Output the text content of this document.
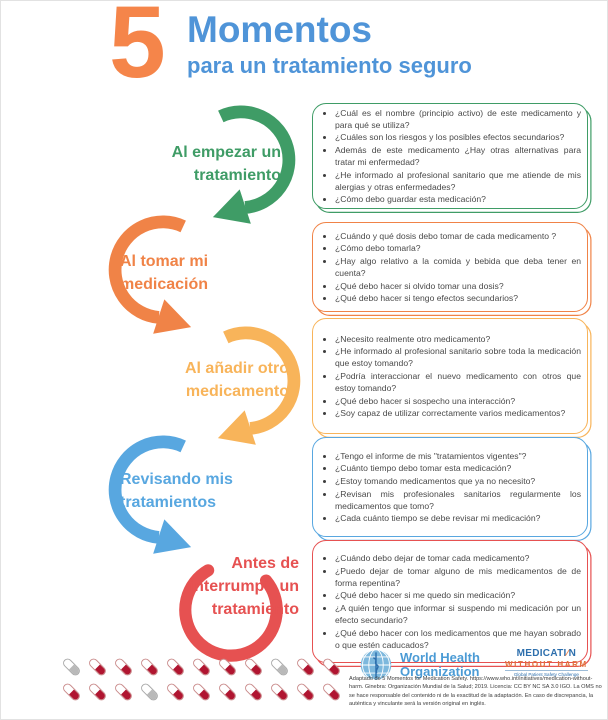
5 Momentos
para un tratamiento seguro
Al empezar un tratamiento
• ¿Cuál es el nombre (principio activo) de este medicamento y para qué se utiliza?
• ¿Cuáles son los riesgos y los posibles efectos secundarios?
• Además de este medicamento ¿Hay otras alternativas para tratar mi enfermedad?
• ¿He informado al profesional sanitario que me atiende de mis alergias y otras enfermedades?
• ¿Cómo debo guardar esta medicación?
Al tomar mi medicación
• ¿Cuándo y qué dosis debo tomar de cada medicamento ?
• ¿Cómo debo tomarla?
• ¿Hay algo relativo a la comida y bebida que deba tener en cuenta?
• ¿Qué debo hacer si olvido tomar una dosis?
• ¿Qué debo hacer si tengo efectos secundarios?
Al añadir otro medicamento
• ¿Necesito realmente otro medicamento?
• ¿He informado al profesional sanitario sobre toda la medicación que estoy tomando?
• ¿Podría interaccionar el nuevo medicamento con otros que estoy tomando?
• ¿Qué debo hacer si sospecho una interacción?
• ¿Soy capaz de utilizar correctamente varios medicamentos?
Revisando mis tratamientos
• ¿Tengo el informe de mis "tratamientos vigentes"?
• ¿Cuánto tiempo debo tomar esta medicación?
• ¿Estoy tomando medicamentos que ya no necesito?
• ¿Revisan mis profesionales sanitarios regularmente los medicamentos que tomo?
• ¿Cada cuánto tiempo se debe revisar mi medicación?
Antes de interrumpir un tratamiento
• ¿Cuándo debo dejar de tomar cada medicamento?
• ¿Puedo dejar de tomar alguno de mis medicamentos de de forma repentina?
• ¿Qué debo hacer si me quedo sin medicación?
• ¿A quién tengo que informar si suspendo mi medicación por un efecto secundario?
• ¿Qué debo hacer con los medicamentos que me hayan sobrado o que estén caducados?
World Health
Organization
MEDICATI∕N
WITHOUT HARM
Global Patient Safety Challenge
Adaptado de 5 Momentos for Medication Safety. https://www.who.int/initiatives/medication-without-harm. Ginebra: Organización Mundial de la Salud; 2019. Licencia: CC BY NC SA 3.0 IGO. La OMS no se hace responsable del contenido ni de la exactitud de la adaptación. En caso de discrepancia, la auténtica y vinculante será la versión original en inglés.
